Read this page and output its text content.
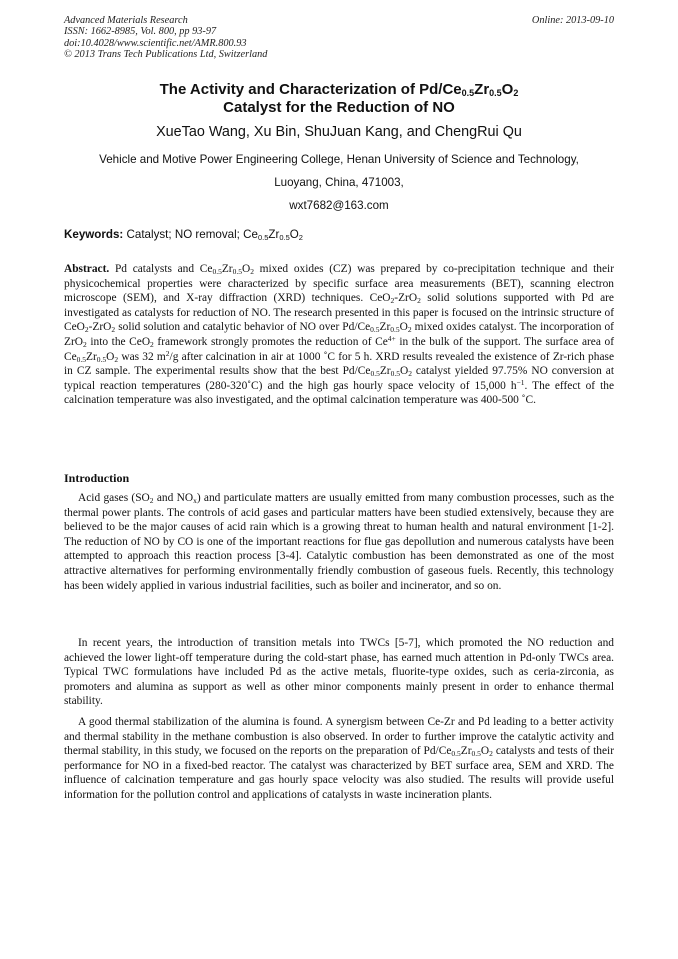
Advanced Materials Research
ISSN: 1662-8985, Vol. 800, pp 93-97
doi:10.4028/www.scientific.net/AMR.800.93
© 2013 Trans Tech Publications Ltd, Switzerland
Online: 2013-09-10
The Activity and Characterization of $Pd/Ce_{0.5}Zr_{0.5}O_2$
Catalyst for the Reduction of NO
XueTao Wang, Xu Bin, ShuJuan Kang, and ChengRui Qu
Vehicle and Motive Power Engineering College, Henan University of Science and Technology,
Luoyang, China, 471003,
wxt7682@163.com
Keywords: Catalyst; NO removal; $Ce_{0.5}Zr_{0.5}O_2$

Abstract. Pd catalysts and $Ce_{0.5}Zr_{0.5}O_2$ mixed oxides (CZ) was prepared by co-precipitation technique and their physicochemical properties were characterized by specific surface area measurements (BET), scanning electron microscope (SEM), and X-ray diffraction (XRD) techniques. CeO$_2$-ZrO$_2$ solid solutions supported with Pd are investigated as catalysts for reduction of NO. The research presented in this paper is focused on the intrinsic structure of CeO$_2$-ZrO$_2$ solid solution and catalytic behavior of NO over $Pd/Ce_{0.5}Zr_{0.5}O_2$ mixed oxides catalyst. The incorporation of ZrO$_2$ into the CeO$_2$ framework strongly promotes the reduction of $Ce^{4+}$ in the bulk of the support. The surface area of $Ce_{0.5}Zr_{0.5}O_2$ was 32 $m^2/g$ after calcination in air at 1000 ˚C for 5 h. XRD results revealed the existence of Zr-rich phase in CZ sample. The experimental results show that the best $Pd/Ce_{0.5}Zr_{0.5}O_2$ catalyst yielded 97.75% NO conversion at typical reaction temperatures (280-320˚C) and the high gas hourly space velocity of 15,000 $h^{-1}$. The effect of the calcination temperature was also investigated, and the optimal calcination temperature was 400-500 ˚C.

Introduction

Acid gases ($SO_2$ and $NO_x$) and particulate matters are usually emitted from many combustion processes, such as the thermal power plants. The controls of acid gases and particular matters have been studied extensively, because they are believed to be the major causes of acid rain which is a growing threat to human health and natural environment [1-2]. The reduction of NO by CO is one of the important reactions for flue gas depollution and numerous catalysts have been attempted to approach this reaction process [3-4]. Catalytic combustion has been demonstrated as one of the most attractive alternatives for performing environmentally friendly combustion of gaseous fuels. Recently, this technology has been widely applied in various industrial facilities, such as boiler and incinerator, and so on.

In recent years, the introduction of transition metals into TWCs [5-7], which promoted the NO reduction and achieved the lower light-off temperature during the cold-start phase, has earned much attention in Pd-only TWCs area. Typical TWC formulations have included Pd as the active metals, fluorite-type oxides, such as ceria-zirconia, as promoters and alumina as support as well as other minor components mainly present in order to enhance thermal stability.

A good thermal stabilization of the alumina is found. A synergism between Ce-Zr and Pd leading to a better activity and thermal stability in the methane combustion is also observed. In order to further improve the catalytic activity and thermal stability, in this study, we focused on the reports on the preparation of $Pd/Ce_{0.5}Zr_{0.5}O_2$ catalysts and tests of their performance for NO in a fixed-bed reactor. The catalyst was characterized by BET surface area, SEM and XRD. The influence of calcination temperature and gas hourly space velocity was also studied. The results will provide useful information for the pollution control and applications of catalysts in waste incineration plants.
